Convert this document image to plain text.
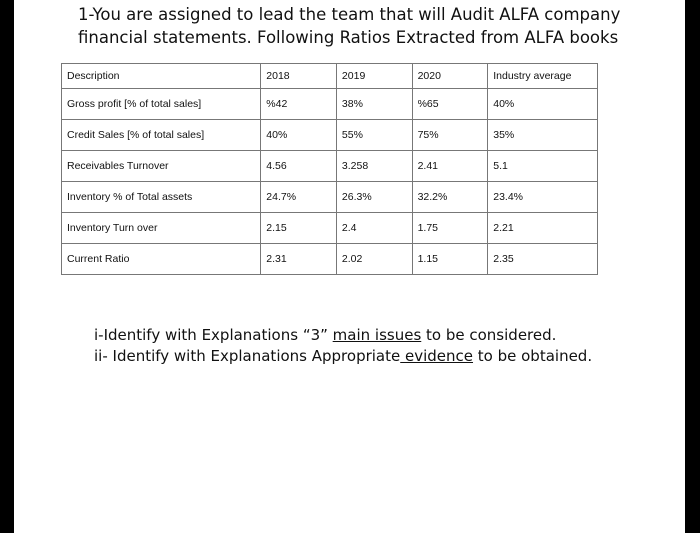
1-You are assigned to lead the team that will Audit ALFA company
financial statements. Following Ratios Extracted from ALFA books
Description	2018	2019	2020	Industry average
Gross profit [% of total sales]	%42	38%	%65	40%
Credit Sales [% of total sales]	40%	55%	75%	35%
Receivables Turnover	4.56	3.258	2.41	5.1
Inventory % of Total assets	24.7%	26.3%	32.2%	23.4%
Inventory Turn over	2.15	2.4	1.75	2.21
Current Ratio	2.31	2.02	1.15	2.35

i-Identify with Explanations “3” main issues to be considered.

ii- Identify with Explanations Appropriate evidence to be obtained.
